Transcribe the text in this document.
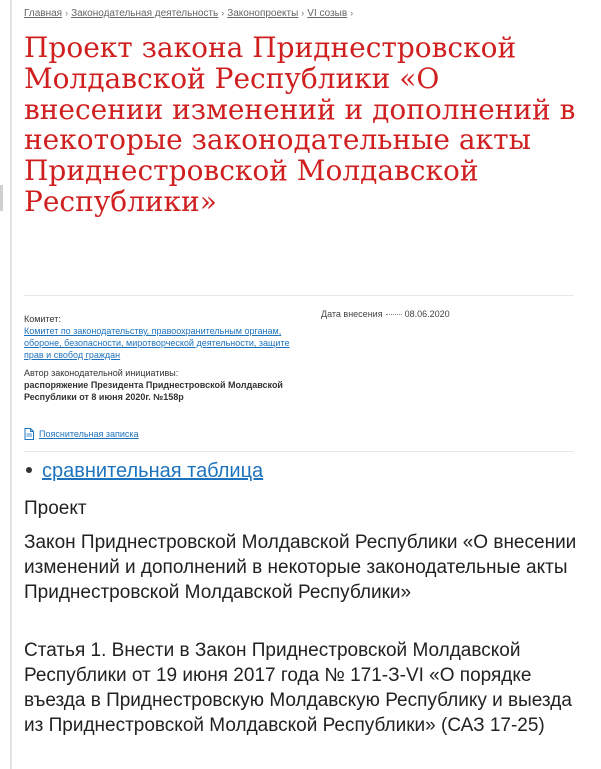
Главная › Законодательная деятельность › Законопроекты › VI созыв ›
Проект закона Приднестровской Молдавской Республики «О внесении изменений и дополнений в некоторые законодательные акты Приднестровской Молдавской Республики»
Комитет:
Комитет по законодательству, правоохранительным органам, обороне, безопасности, миротворческой деятельности, защите прав и свобод граждан
Автор законодательной инициативы:
распоряжение Президента Приднестровской Молдавской Республики от 8 июня 2020г. №158р
Дата внесения 08.06.2020
Пояснительная записка
сравнительная таблица

Проект

Закон Приднестровской Молдавской Республики «О внесении изменений и дополнений в некоторые законодательные акты Приднестровской Молдавской Республики»

Статья 1. Внести в Закон Приднестровской Молдавской Республики от 19 июня 2017 года № 171-З-VI «О порядке въезда в Приднестровскую Молдавскую Республику и выезда из Приднестровской Молдавской Республики» (САЗ 17-25)
